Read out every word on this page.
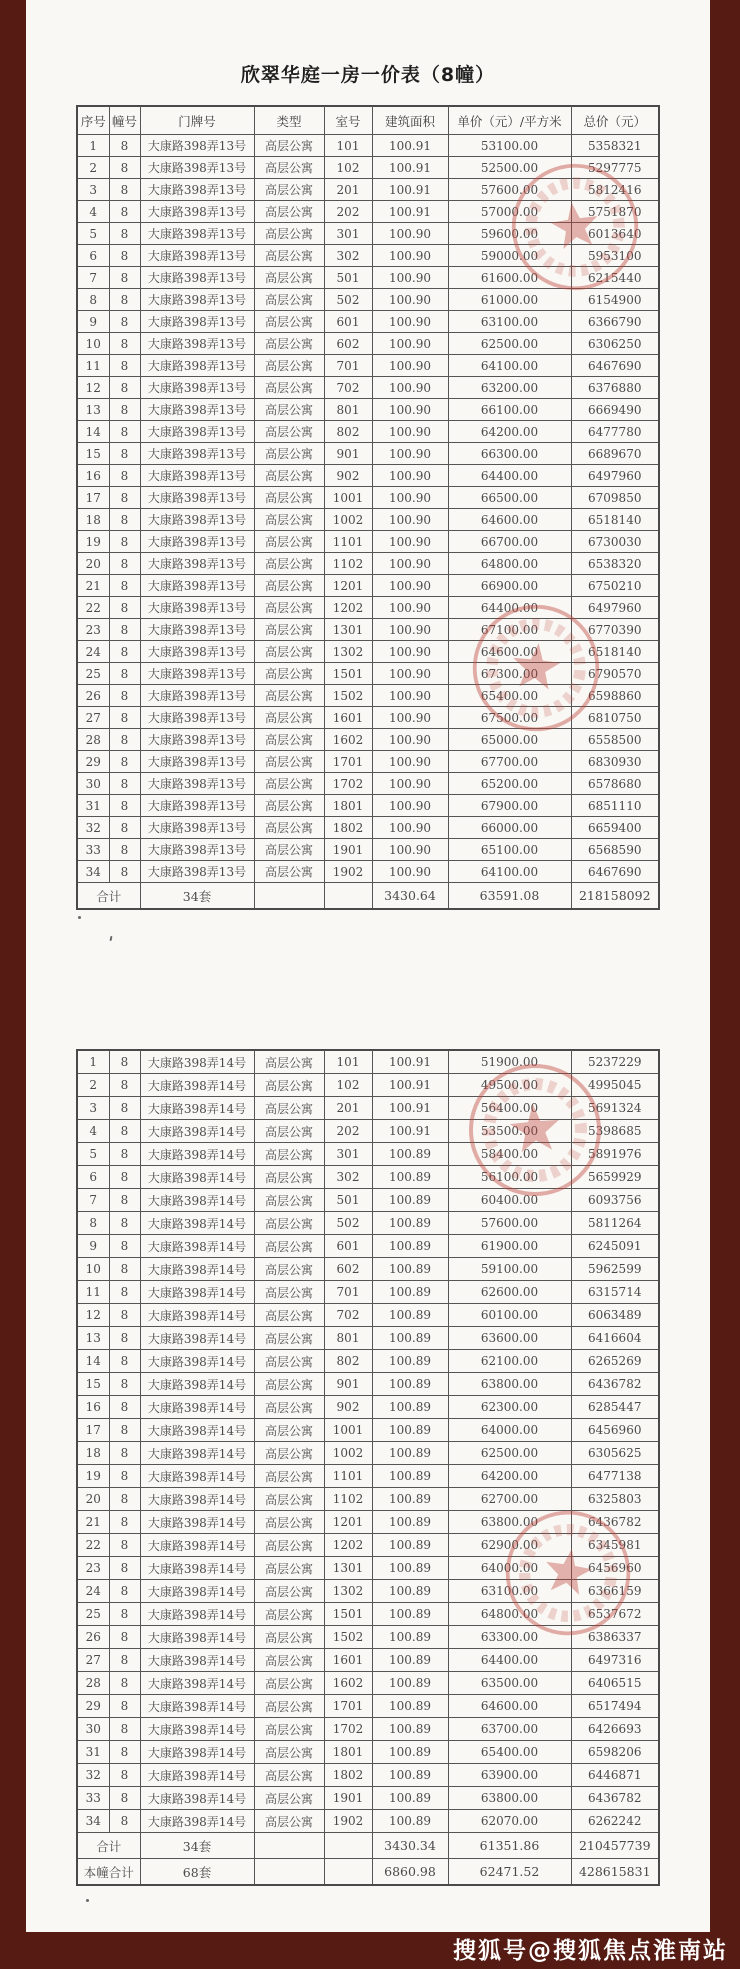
欣翠华庭一房一价表（8幢）
序号	幢号	门牌号	类型	室号	建筑面积	单价（元）/平方米	总价（元）
1	8	大康路398弄13号	高层公寓	101	100.91	53100.00	5358321
2	8	大康路398弄13号	高层公寓	102	100.91	52500.00	5297775
3	8	大康路398弄13号	高层公寓	201	100.91	57600.00	5812416
4	8	大康路398弄13号	高层公寓	202	100.91	57000.00	5751870
5	8	大康路398弄13号	高层公寓	301	100.90	59600.00	6013640
6	8	大康路398弄13号	高层公寓	302	100.90	59000.00	5953100
7	8	大康路398弄13号	高层公寓	501	100.90	61600.00	6215440
8	8	大康路398弄13号	高层公寓	502	100.90	61000.00	6154900
9	8	大康路398弄13号	高层公寓	601	100.90	63100.00	6366790
10	8	大康路398弄13号	高层公寓	602	100.90	62500.00	6306250
11	8	大康路398弄13号	高层公寓	701	100.90	64100.00	6467690
12	8	大康路398弄13号	高层公寓	702	100.90	63200.00	6376880
13	8	大康路398弄13号	高层公寓	801	100.90	66100.00	6669490
14	8	大康路398弄13号	高层公寓	802	100.90	64200.00	6477780
15	8	大康路398弄13号	高层公寓	901	100.90	66300.00	6689670
16	8	大康路398弄13号	高层公寓	902	100.90	64400.00	6497960
17	8	大康路398弄13号	高层公寓	1001	100.90	66500.00	6709850
18	8	大康路398弄13号	高层公寓	1002	100.90	64600.00	6518140
19	8	大康路398弄13号	高层公寓	1101	100.90	66700.00	6730030
20	8	大康路398弄13号	高层公寓	1102	100.90	64800.00	6538320
21	8	大康路398弄13号	高层公寓	1201	100.90	66900.00	6750210
22	8	大康路398弄13号	高层公寓	1202	100.90	64400.00	6497960
23	8	大康路398弄13号	高层公寓	1301	100.90	67100.00	6770390
24	8	大康路398弄13号	高层公寓	1302	100.90	64600.00	6518140
25	8	大康路398弄13号	高层公寓	1501	100.90	67300.00	6790570
26	8	大康路398弄13号	高层公寓	1502	100.90	65400.00	6598860
27	8	大康路398弄13号	高层公寓	1601	100.90	67500.00	6810750
28	8	大康路398弄13号	高层公寓	1602	100.90	65000.00	6558500
29	8	大康路398弄13号	高层公寓	1701	100.90	67700.00	6830930
30	8	大康路398弄13号	高层公寓	1702	100.90	65200.00	6578680
31	8	大康路398弄13号	高层公寓	1801	100.90	67900.00	6851110
32	8	大康路398弄13号	高层公寓	1802	100.90	66000.00	6659400
33	8	大康路398弄13号	高层公寓	1901	100.90	65100.00	6568590
34	8	大康路398弄13号	高层公寓	1902	100.90	64100.00	6467690
合计		34套			3430.64	63591.08	218158092
1	8	大康路398弄14号	高层公寓	101	100.91	51900.00	5237229
2	8	大康路398弄14号	高层公寓	102	100.91	49500.00	4995045
3	8	大康路398弄14号	高层公寓	201	100.91	56400.00	5691324
4	8	大康路398弄14号	高层公寓	202	100.91	53500.00	5398685
5	8	大康路398弄14号	高层公寓	301	100.89	58400.00	5891976
6	8	大康路398弄14号	高层公寓	302	100.89	56100.00	5659929
7	8	大康路398弄14号	高层公寓	501	100.89	60400.00	6093756
8	8	大康路398弄14号	高层公寓	502	100.89	57600.00	5811264
9	8	大康路398弄14号	高层公寓	601	100.89	61900.00	6245091
10	8	大康路398弄14号	高层公寓	602	100.89	59100.00	5962599
11	8	大康路398弄14号	高层公寓	701	100.89	62600.00	6315714
12	8	大康路398弄14号	高层公寓	702	100.89	60100.00	6063489
13	8	大康路398弄14号	高层公寓	801	100.89	63600.00	6416604
14	8	大康路398弄14号	高层公寓	802	100.89	62100.00	6265269
15	8	大康路398弄14号	高层公寓	901	100.89	63800.00	6436782
16	8	大康路398弄14号	高层公寓	902	100.89	62300.00	6285447
17	8	大康路398弄14号	高层公寓	1001	100.89	64000.00	6456960
18	8	大康路398弄14号	高层公寓	1002	100.89	62500.00	6305625
19	8	大康路398弄14号	高层公寓	1101	100.89	64200.00	6477138
20	8	大康路398弄14号	高层公寓	1102	100.89	62700.00	6325803
21	8	大康路398弄14号	高层公寓	1201	100.89	63800.00	6436782
22	8	大康路398弄14号	高层公寓	1202	100.89	62900.00	6345981
23	8	大康路398弄14号	高层公寓	1301	100.89	64000.00	6456960
24	8	大康路398弄14号	高层公寓	1302	100.89	63100.00	6366159
25	8	大康路398弄14号	高层公寓	1501	100.89	64800.00	6537672
26	8	大康路398弄14号	高层公寓	1502	100.89	63300.00	6386337
27	8	大康路398弄14号	高层公寓	1601	100.89	64400.00	6497316
28	8	大康路398弄14号	高层公寓	1602	100.89	63500.00	6406515
29	8	大康路398弄14号	高层公寓	1701	100.89	64600.00	6517494
30	8	大康路398弄14号	高层公寓	1702	100.89	63700.00	6426693
31	8	大康路398弄14号	高层公寓	1801	100.89	65400.00	6598206
32	8	大康路398弄14号	高层公寓	1802	100.89	63900.00	6446871
33	8	大康路398弄14号	高层公寓	1901	100.89	63800.00	6436782
34	8	大康路398弄14号	高层公寓	1902	100.89	62070.00	6262242
合计		34套			3430.34	61351.86	210457739
本幢合计		68套			6860.98	62471.52	428615831
搜狐号@搜狐焦点淮南站
